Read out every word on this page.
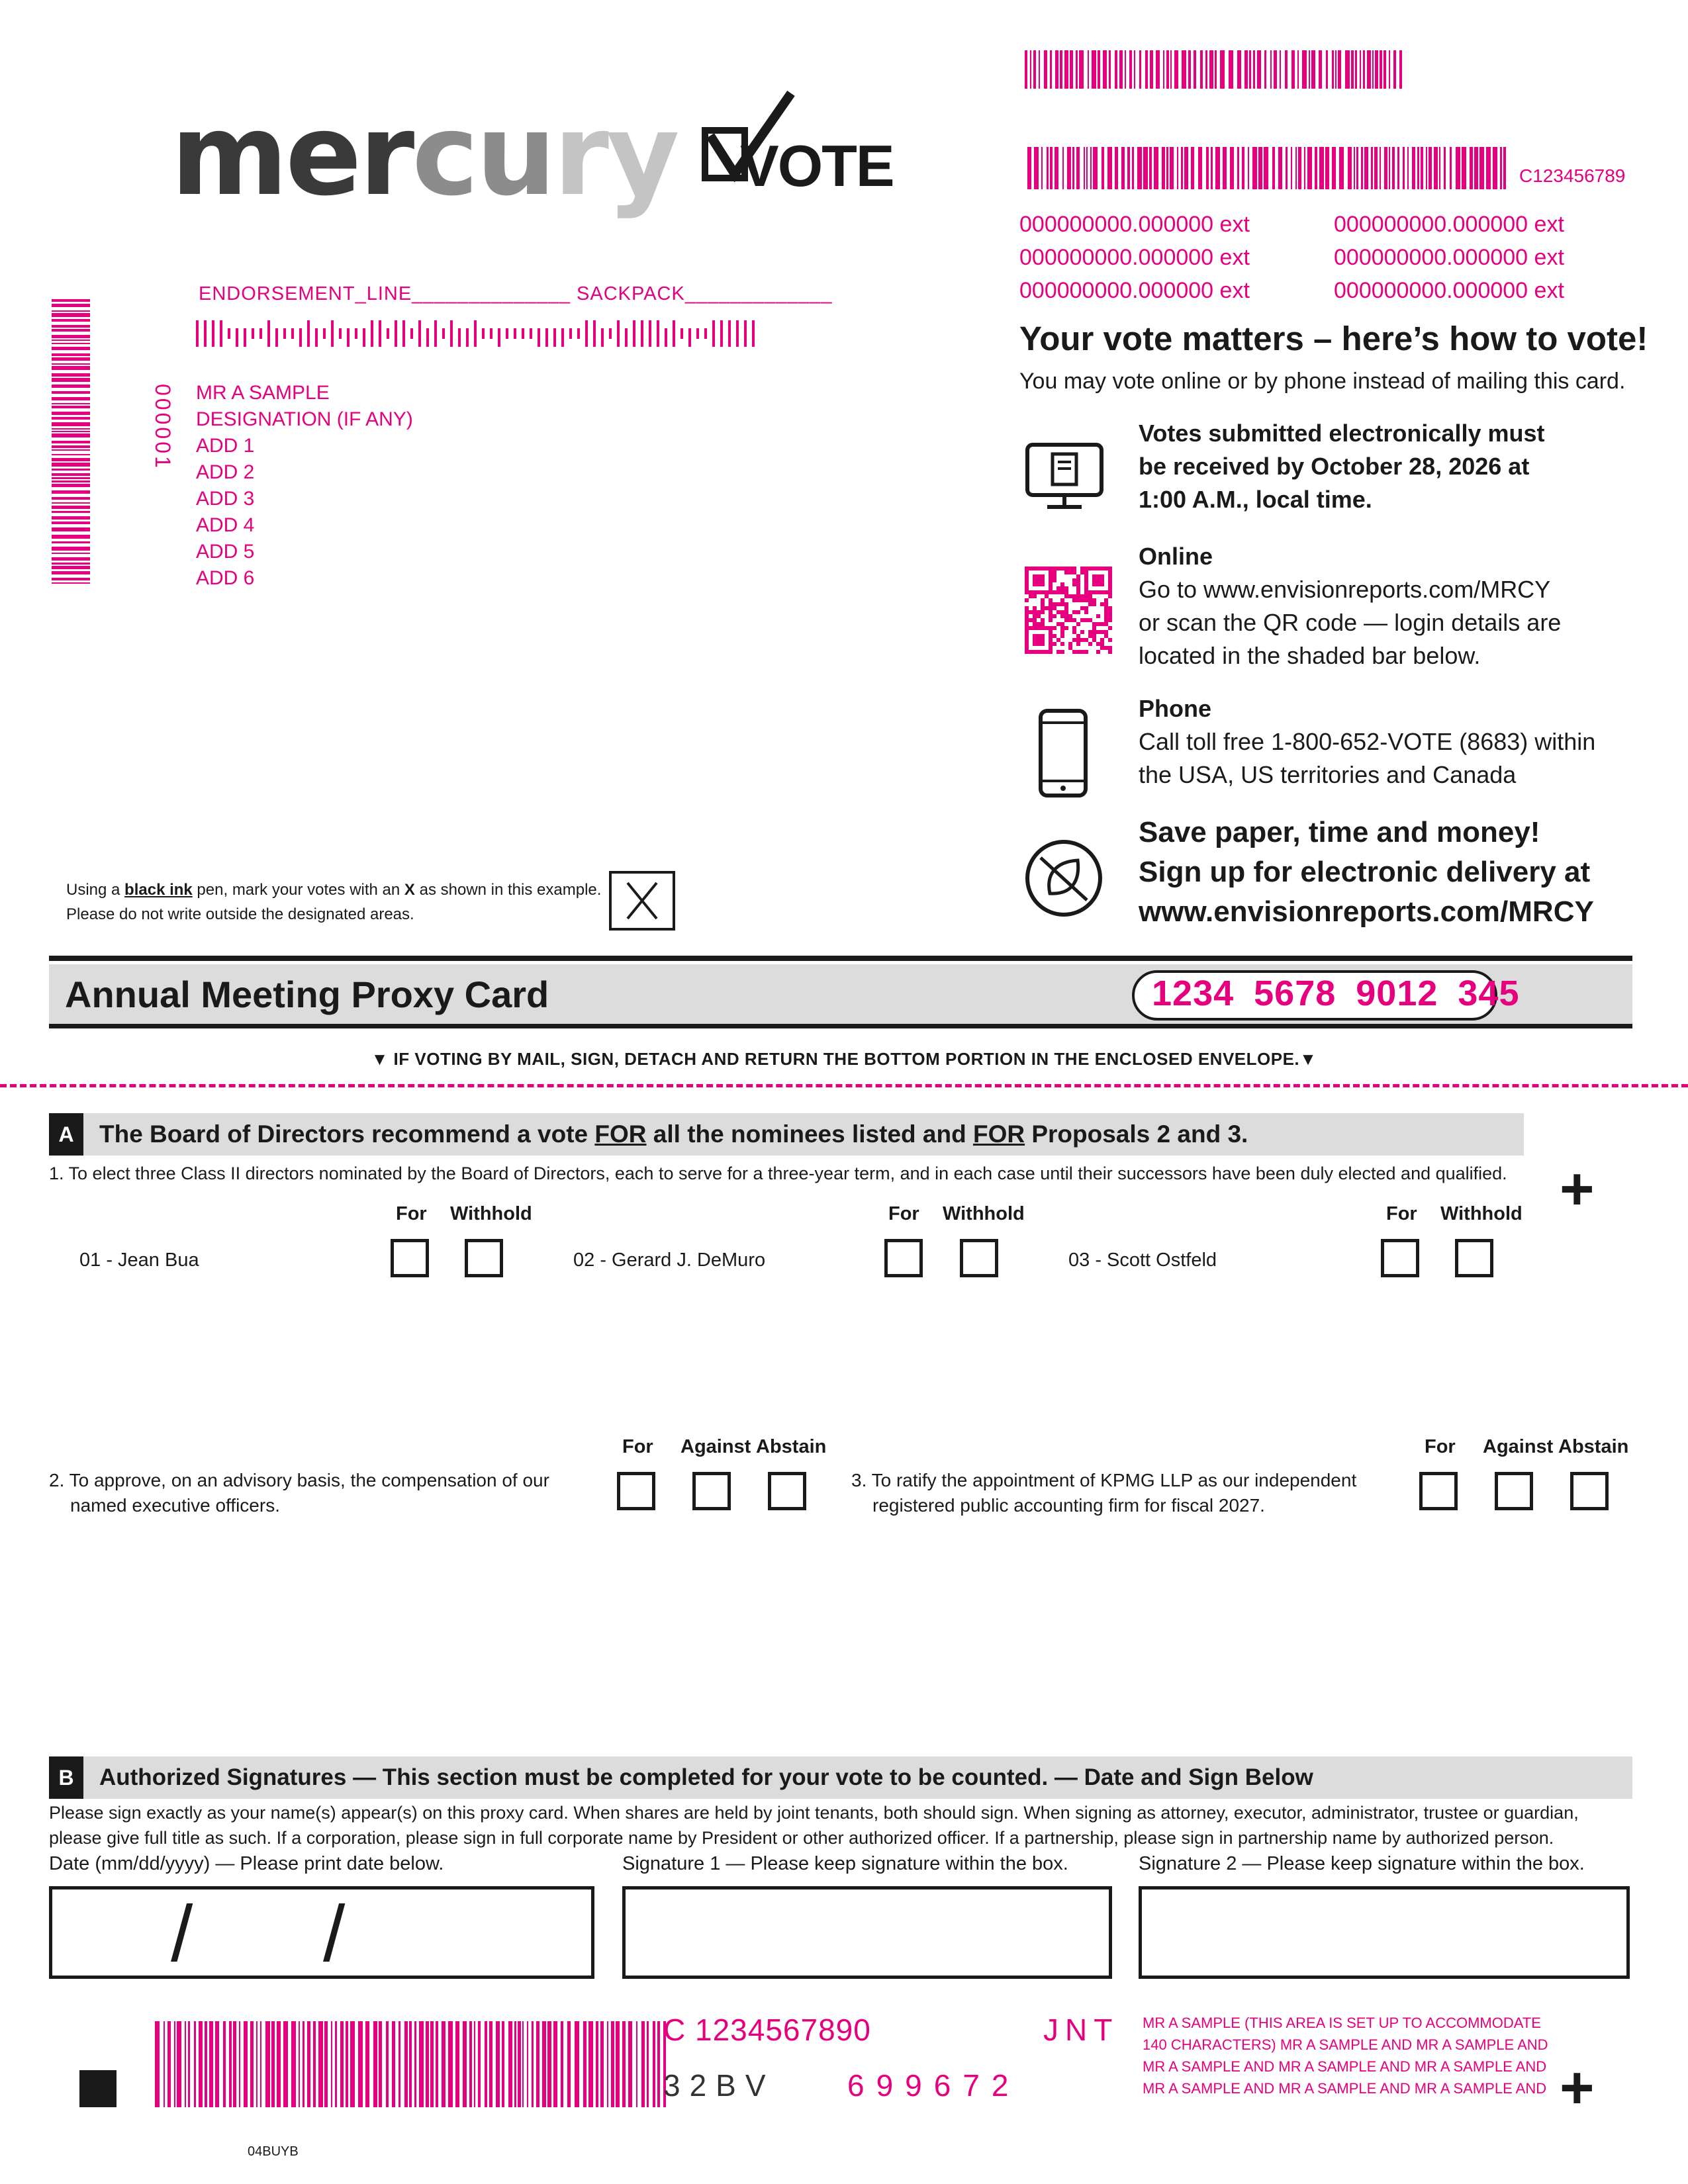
mercury VOTE	C123456789
000000000.000000 ext
000000000.000000 ext
000000000.000000 ext
000000000.000000 ext
000000000.000000 ext
000000000.000000 ext
ENDORSEMENT_LINE______________ SACKPACK_____________
000001 MR A SAMPLE
DESIGNATION (IF ANY)
ADD 1
ADD 2
ADD 3
ADD 4
ADD 5
ADD 6
Your vote matters – here’s how to vote!
You may vote online or by phone instead of mailing this card.
Votes submitted electronically must
be received by October 28, 2026 at
1:00 A.M., local time.
Online
Go to www.envisionreports.com/MRCY
or scan the QR code — login details are
located in the shaded bar below.
Phone
Call toll free 1-800-652-VOTE (8683) within
the USA, US territories and Canada
Save paper, time and money!
Sign up for electronic delivery at
www.envisionreports.com/MRCY
Using a black ink pen, mark your votes with an X as shown in this example.
Please do not write outside the designated areas.
Annual Meeting Proxy Card	1234 5678 9012 345
▼ IF VOTING BY MAIL, SIGN, DETACH AND RETURN THE BOTTOM PORTION IN THE ENCLOSED ENVELOPE.▼
A	The Board of Directors recommend a vote FOR all the nominees listed and FOR Proposals 2 and 3.
1. To elect three Class II directors nominated by the Board of Directors, each to serve for a three-year term, and in each case until their successors have been duly elected and qualified. +
For Withhold	For Withhold	For Withhold
01 - Jean Bua	02 - Gerard J. DeMuro	03 - Scott Ostfeld
For Against Abstain
2. To approve, on an advisory basis, the compensation of our
named executive officers.
For Against Abstain
3. To ratify the appointment of KPMG LLP as our independent
registered public accounting firm for fiscal 2027.
B	Authorized Signatures — This section must be completed for your vote to be counted. — Date and Sign Below
Please sign exactly as your name(s) appear(s) on this proxy card. When shares are held by joint tenants, both should sign. When signing as attorney, executor, administrator, trustee or guardian,
please give full title as such. If a corporation, please sign in full corporate name by President or other authorized officer. If a partnership, please sign in partnership name by authorized person.
Date (mm/dd/yyyy) — Please print date below.	Signature 1 — Please keep signature within the box.	Signature 2 — Please keep signature within the box.
/ /
C 1234567890	JNT
32BV 699672
MR A SAMPLE (THIS AREA IS SET UP TO ACCOMMODATE
140 CHARACTERS) MR A SAMPLE AND MR A SAMPLE AND
MR A SAMPLE AND MR A SAMPLE AND MR A SAMPLE AND
MR A SAMPLE AND MR A SAMPLE AND MR A SAMPLE AND +
04BUYB
